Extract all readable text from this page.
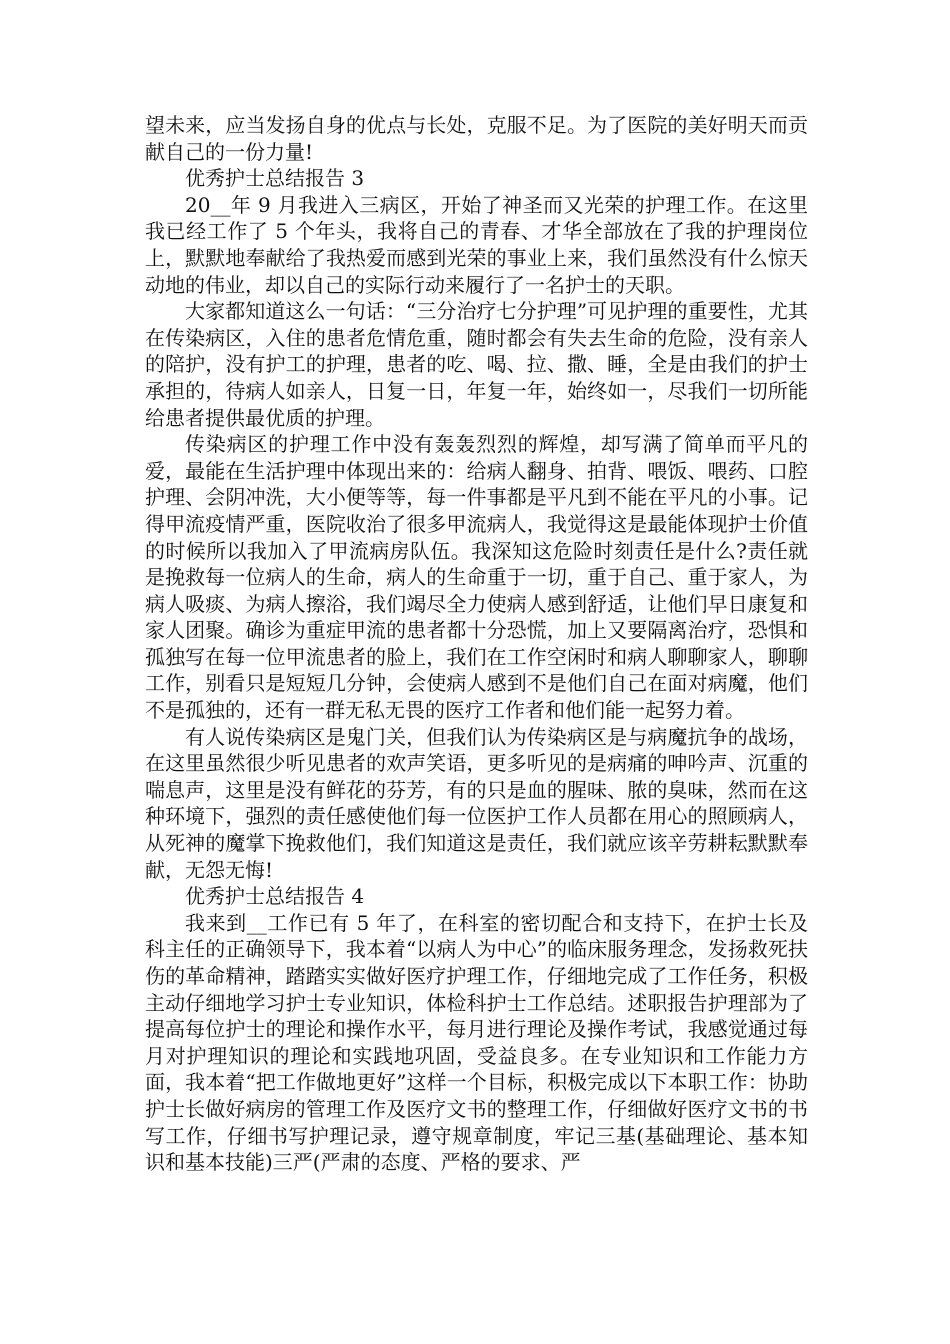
望未来，应当发扬自身的优点与长处，克服不足。为了医院的美好明天而贡献自己的一份力量!

优秀护士总结报告 3

20__年 9 月我进入三病区，开始了神圣而又光荣的护理工作。在这里我已经工作了 5 个年头，我将自己的青春、才华全部放在了我的护理岗位上，默默地奉献给了我热爱而感到光荣的事业上来，我们虽然没有什么惊天动地的伟业，却以自己的实际行动来履行了一名护士的天职。

大家都知道这么一句话：“三分治疗七分护理”可见护理的重要性，尤其在传染病区，入住的患者危情危重，随时都会有失去生命的危险，没有亲人的陪护，没有护工的护理，患者的吃、喝、拉、撒、睡，全是由我们的护士承担的，待病人如亲人，日复一日，年复一年，始终如一，尽我们一切所能给患者提供最优质的护理。

传染病区的护理工作中没有轰轰烈烈的辉煌，却写满了简单而平凡的爱，最能在生活护理中体现出来的：给病人翻身、拍背、喂饭、喂药、口腔护理、会阴冲洗，大小便等等，每一件事都是平凡到不能在平凡的小事。记得甲流疫情严重，医院收治了很多甲流病人，我觉得这是最能体现护士价值的时候所以我加入了甲流病房队伍。我深知这危险时刻责任是什么?责任就是挽救每一位病人的生命，病人的生命重于一切，重于自己、重于家人，为病人吸痰、为病人擦浴，我们竭尽全力使病人感到舒适，让他们早日康复和家人团聚。确诊为重症甲流的患者都十分恐慌，加上又要隔离治疗，恐惧和孤独写在每一位甲流患者的脸上，我们在工作空闲时和病人聊聊家人，聊聊工作，别看只是短短几分钟，会使病人感到不是他们自己在面对病魔，他们不是孤独的，还有一群无私无畏的医疗工作者和他们能一起努力着。

有人说传染病区是鬼门关，但我们认为传染病区是与病魔抗争的战场，在这里虽然很少听见患者的欢声笑语，更多听见的是病痛的呻吟声、沉重的喘息声，这里是没有鲜花的芬芳，有的只是血的腥味、脓的臭味，然而在这种环境下，强烈的责任感使他们每一位医护工作人员都在用心的照顾病人，从死神的魔掌下挽救他们，我们知道这是责任，我们就应该辛劳耕耘默默奉献，无怨无悔!

优秀护士总结报告 4

我来到__工作已有 5 年了，在科室的密切配合和支持下，在护士长及科主任的正确领导下，我本着“以病人为中心”的临床服务理念，发扬救死扶伤的革命精神，踏踏实实做好医疗护理工作，仔细地完成了工作任务，积极主动仔细地学习护士专业知识，体检科护士工作总结。述职报告护理部为了提高每位护士的理论和操作水平，每月进行理论及操作考试，我感觉通过每月对护理知识的理论和实践地巩固，受益良多。在专业知识和工作能力方面，我本着“把工作做地更好”这样一个目标，积极完成以下本职工作：协助护士长做好病房的管理工作及医疗文书的整理工作，仔细做好医疗文书的书写工作，仔细书写护理记录，遵守规章制度，牢记三基(基础理论、基本知识和基本技能)三严(严肃的态度、严格的要求、严
